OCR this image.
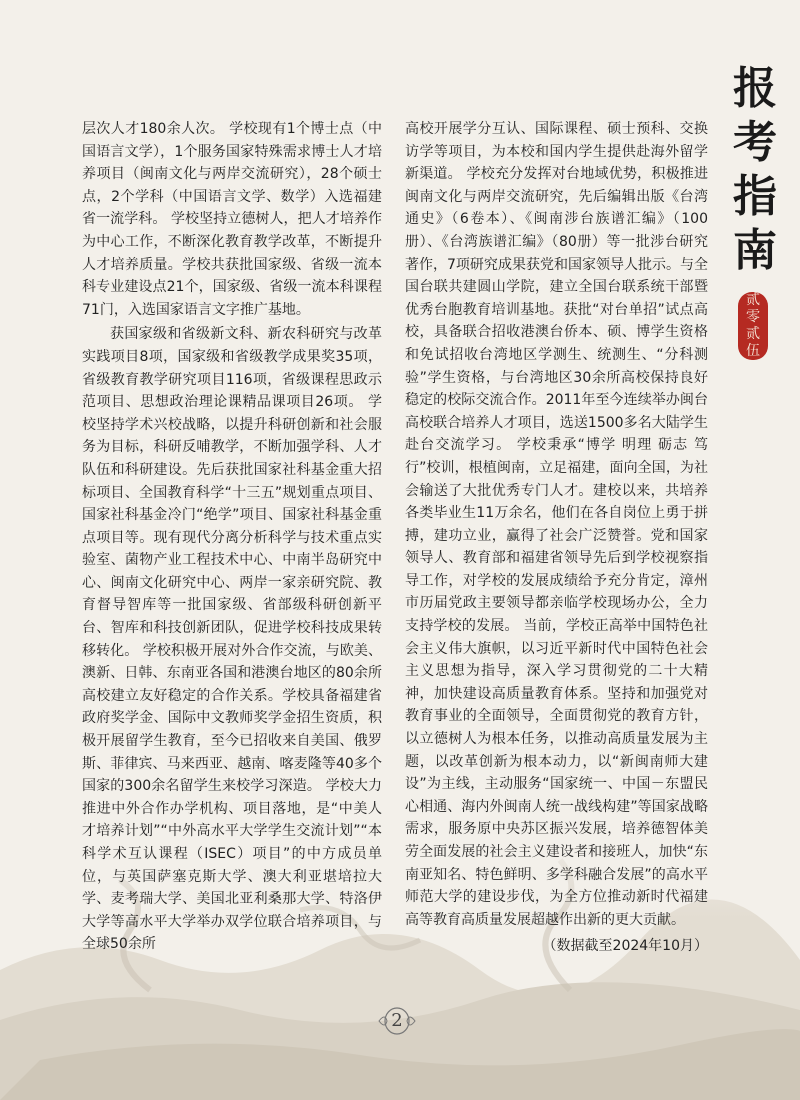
报
考
指
南
贰
零
贰
伍

层次人才180余人次。 学校现有1个博士点（中国语言文学），1个服务国家特殊需求博士人才培养项目（闽南文化与两岸交流研究），28个硕士点，2个学科（中国语言文学、数学）入选福建省一流学科。 学校坚持立德树人，把人才培养作为中心工作，不断深化教育教学改革，不断提升人才培养质量。学校共获批国家级、省级一流本科专业建设点21个，国家级、省级一流本科课程71门，入选国家语言文字推广基地。

获国家级和省级新文科、新农科研究与改革实践项目8项，国家级和省级教学成果奖35项，省级教育教学研究项目116项，省级课程思政示范项目、思想政治理论课精品课项目26项。 学校坚持学术兴校战略，以提升科研创新和社会服务为目标，科研反哺教学，不断加强学科、人才队伍和科研建设。先后获批国家社科基金重大招标项目、全国教育科学“十三五”规划重点项目、国家社科基金冷门“绝学”项目、国家社科基金重点项目等。现有现代分离分析科学与技术重点实验室、菌物产业工程技术中心、中南半岛研究中心、闽南文化研究中心、两岸一家亲研究院、教育督导智库等一批国家级、省部级科研创新平台、智库和科技创新团队，促进学校科技成果转移转化。 学校积极开展对外合作交流，与欧美、澳新、日韩、东南亚各国和港澳台地区的80余所高校建立友好稳定的合作关系。学校具备福建省政府奖学金、国际中文教师奖学金招生资质，积极开展留学生教育，至今已招收来自美国、俄罗斯、菲律宾、马来西亚、越南、喀麦隆等40多个国家的300余名留学生来校学习深造。 学校大力推进中外合作办学机构、项目落地，是“中美人才培养计划”“中外高水平大学学生交流计划”“本科学术互认课程（ISEC）项目”的中方成员单位，与英国萨塞克斯大学、澳大利亚堪培拉大学、麦考瑞大学、美国北亚利桑那大学、特洛伊大学等高水平大学举办双学位联合培养项目，与全球50余所

高校开展学分互认、国际课程、硕士预科、交换访学等项目，为本校和国内学生提供赴海外留学新渠道。 学校充分发挥对台地域优势，积极推进闽南文化与两岸交流研究，先后编辑出版《台湾通史》（6卷本）、《闽南涉台族谱汇编》（100册）、《台湾族谱汇编》（80册）等一批涉台研究著作，7项研究成果获党和国家领导人批示。与全国台联共建圆山学院，建立全国台联系统干部暨优秀台胞教育培训基地。获批“对台单招”试点高校，具备联合招收港澳台侨本、硕、博学生资格和免试招收台湾地区学测生、统测生、“分科测验”学生资格，与台湾地区30余所高校保持良好稳定的校际交流合作。2011年至今连续举办闽台高校联合培养人才项目，选送1500多名大陆学生赴台交流学习。 学校秉承“博学 明理 砺志 笃行”校训，根植闽南，立足福建，面向全国，为社会输送了大批优秀专门人才。建校以来，共培养各类毕业生11万余名，他们在各自岗位上勇于拼搏，建功立业，赢得了社会广泛赞誉。党和国家领导人、教育部和福建省领导先后到学校视察指导工作，对学校的发展成绩给予充分肯定，漳州市历届党政主要领导都亲临学校现场办公，全力支持学校的发展。 当前，学校正高举中国特色社会主义伟大旗帜，以习近平新时代中国特色社会主义思想为指导，深入学习贯彻党的二十大精神，加快建设高质量教育体系。坚持和加强党对教育事业的全面领导，全面贯彻党的教育方针，以立德树人为根本任务，以推动高质量发展为主题，以改革创新为根本动力，以“新闽南师大建设”为主线，主动服务“国家统一、中国－东盟民心相通、海内外闽南人统一战线构建”等国家战略需求，服务原中央苏区振兴发展，培养德智体美劳全面发展的社会主义建设者和接班人，加快“东南亚知名、特色鲜明、多学科融合发展”的高水平师范大学的建设步伐，为全方位推动新时代福建高等教育高质量发展超越作出新的更大贡献。

（数据截至2024年10月）

2
